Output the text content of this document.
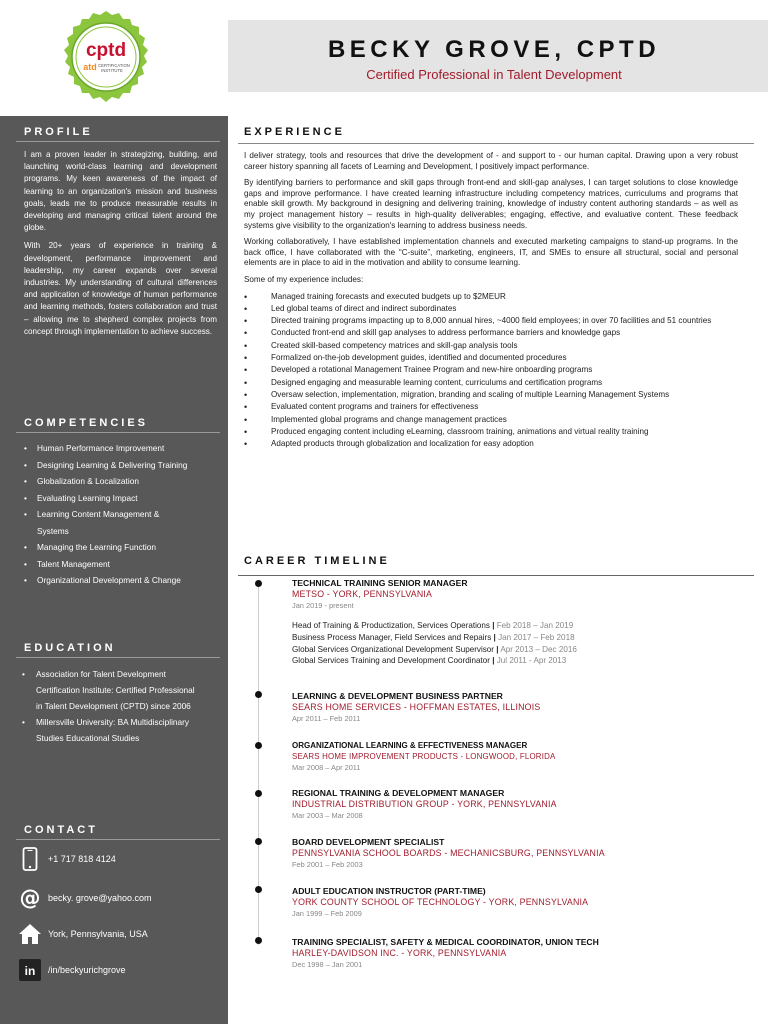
cptd
atd CERTIFICATION
INSTITUTE
PROFILE

I am a proven leader in strategizing, building, and launching world-class learning and development programs. My keen awareness of the impact of learning to an organization's mission and business goals, leads me to produce measurable results in developing and managing critical talent around the globe.

With 20+ years of experience in training & development, performance improvement and leadership, my career expands over several industries. My understanding of cultural differences and application of knowledge of human performance and learning methods, fosters collaboration and trust – allowing me to shepherd complex projects from concept through implementation to achieve success.

COMPETENCIES
• Human Performance Improvement
• Designing Learning & Delivering Training
• Globalization & Localization
• Evaluating Learning Impact
• Learning Content Management & Systems
• Managing the Learning Function
• Talent Management
• Organizational Development & Change
EDUCATION
• Association for Talent Development Certification Institute: Certified Professional in Talent Development (CPTD) since 2006
• Millersville University: BA Multidisciplinary Studies Educational Studies
CONTACT
+1 717 818 4124
@ becky. grove@yahoo.com
York, Pennsylvania, USA
in /in/beckyurichgrove
BECKY GROVE, CPTD
Certified Professional in Talent Development
EXPERIENCE

I deliver strategy, tools and resources that drive the development of - and support to - our human capital. Drawing upon a very robust career history spanning all facets of Learning and Development, I positively impact performance.

By identifying barriers to performance and skill gaps through front-end and skill-gap analyses, I can target solutions to close knowledge gaps and improve performance. I have created learning infrastructure including competency matrices, curriculums and programs that enable skill growth. My background in designing and delivering training, knowledge of industry content authoring standards – as well as my project management history – results in high-quality deliverables; engaging, effective, and evaluative content. These feedback systems give visibility to the organization's learning to address business needs.

Working collaboratively, I have established implementation channels and executed marketing campaigns to stand-up programs. In the back office, I have collaborated with the “C-suite”, marketing, engineers, IT, and SMEs to ensure all structural, social and personal elements are in place to aid in the motivation and ability to consume learning.

Some of my experience includes:

• Managed training forecasts and executed budgets up to $2MEUR
• Led global teams of direct and indirect subordinates
• Directed training programs impacting up to 8,000 annual hires, ~4000 field employees; in over 70 facilities and 51 countries
• Conducted front-end and skill gap analyses to address performance barriers and knowledge gaps
• Created skill-based competency matrices and skill-gap analysis tools
• Formalized on-the-job development guides, identified and documented procedures
• Developed a rotational Management Trainee Program and new-hire onboarding programs
• Designed engaging and measurable learning content, curriculums and certification programs
• Oversaw selection, implementation, migration, branding and scaling of multiple Learning Management Systems
• Evaluated content programs and trainers for effectiveness
• Implemented global programs and change management practices
• Produced engaging content including eLearning, classroom training, animations and virtual reality training
• Adapted products through globalization and localization for easy adoption
CAREER TIMELINE
TECHNICAL TRAINING SENIOR MANAGER
METSO - YORK, PENNSYLVANIA
Jan 2019 - present
Head of Training & Productization, Services Operations | Feb 2018 – Jan 2019
Business Process Manager, Field Services and Repairs | Jan 2017 – Feb 2018
Global Services Organizational Development Supervisor | Apr 2013 – Dec 2016
Global Services Training and Development Coordinator | Jul 2011 - Apr 2013
LEARNING & DEVELOPMENT BUSINESS PARTNER
SEARS HOME SERVICES - HOFFMAN ESTATES, ILLINOIS
Apr 2011 – Feb 2011
ORGANIZATIONAL LEARNING & EFFECTIVENESS MANAGER
SEARS HOME IMPROVEMENT PRODUCTS - LONGWOOD, FLORIDA
Mar 2008 – Apr 2011
REGIONAL TRAINING & DEVELOPMENT MANAGER
INDUSTRIAL DISTRIBUTION GROUP - YORK, PENNSYLVANIA
Mar 2003 – Mar 2008
BOARD DEVELOPMENT SPECIALIST
PENNSYLVANIA SCHOOL BOARDS - MECHANICSBURG, PENNSYLVANIA
Feb 2001 – Feb 2003
ADULT EDUCATION INSTRUCTOR (PART-TIME)
YORK COUNTY SCHOOL OF TECHNOLOGY - YORK, PENNSYLVANIA
Jan 1999 – Feb 2009
TRAINING SPECIALIST, SAFETY & MEDICAL COORDINATOR, UNION TECH
HARLEY-DAVIDSON INC. - YORK, PENNSYLVANIA
Dec 1998 – Jan 2001
